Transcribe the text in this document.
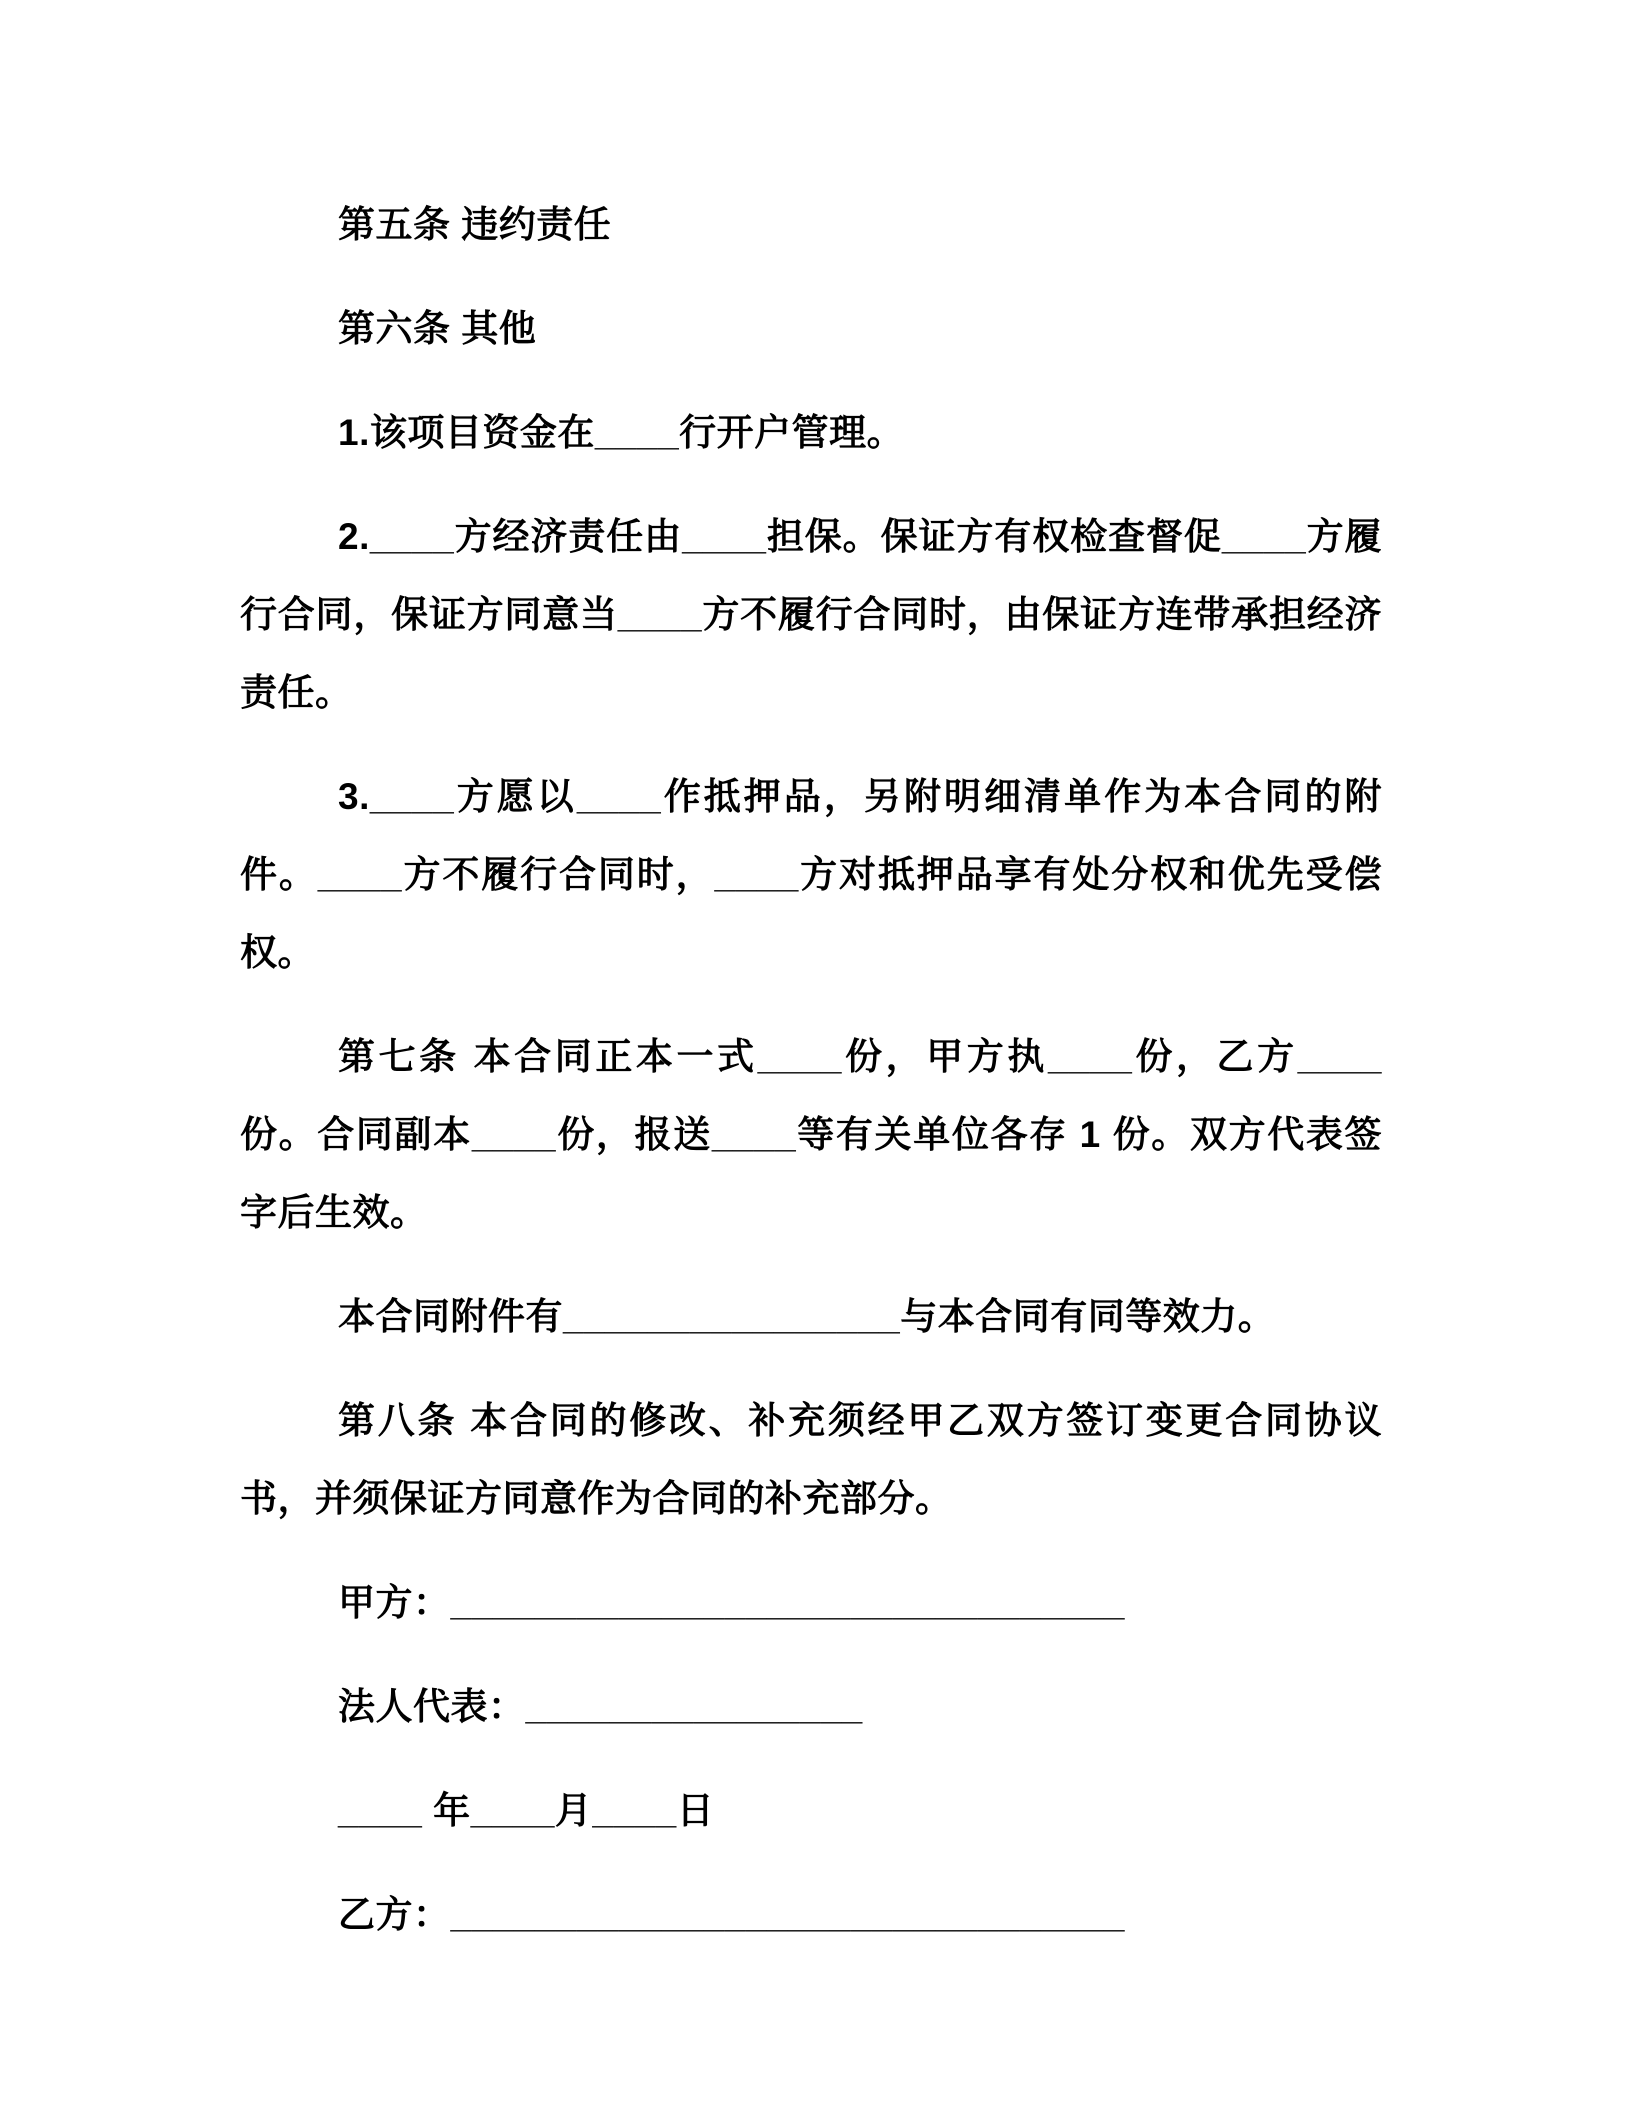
第五条 违约责任

第六条 其他

1.该项目资金在____行开户管理。

2.____方经济责任由____担保。保证方有权检查督促____方履行合同，保证方同意当____方不履行合同时，由保证方连带承担经济责任。

3.____方愿以____作抵押品，另附明细清单作为本合同的附件。____方不履行合同时，____方对抵押品享有处分权和优先受偿权。

第七条 本合同正本一式____份，甲方执____份，乙方____份。合同副本____份，报送____等有关单位各存 1 份。双方代表签字后生效。

本合同附件有________________与本合同有同等效力。

第八条 本合同的修改、补充须经甲乙双方签订变更合同协议书，并须保证方同意作为合同的补充部分。

甲方：________________________________

法人代表：________________

____ 年____月____日

乙方：________________________________
